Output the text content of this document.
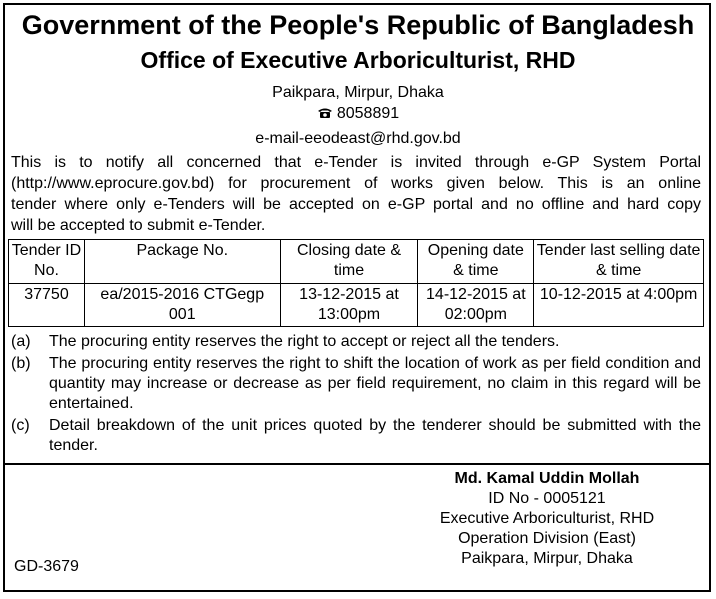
Government of the People's Republic of Bangladesh
Office of Executive Arboriculturist, RHD
Paikpara, Mirpur, Dhaka
8058891
e-mail-eeodeast@rhd.gov.bd
This is to notify all concerned that e-Tender is invited through e-GP System Portal
(http://www.eprocure.gov.bd) for procurement of works given below. This is an online
tender where only e-Tenders will be accepted on e-GP portal and no offline and hard copy
will be accepted to submit e-Tender.
Tender ID No.	Package No.	Closing date & time	Opening date & time	Tender last selling date & time
37750	ea/2015-2016 CTGegp 001	13-12-2015 at 13:00pm	14-12-2015 at 02:00pm	10-12-2015 at 4:00pm
(a)	The procuring entity reserves the right to accept or reject all the tenders.
(b)	The procuring entity reserves the right to shift the location of work as per field condition and quantity may increase or decrease as per field requirement, no claim in this regard will be entertained.
(c)	Detail breakdown of the unit prices quoted by the tenderer should be submitted with the tender.
Md. Kamal Uddin Mollah
ID No - 0005121
Executive Arboriculturist, RHD
Operation Division (East)
Paikpara, Mirpur, Dhaka
GD-3679
